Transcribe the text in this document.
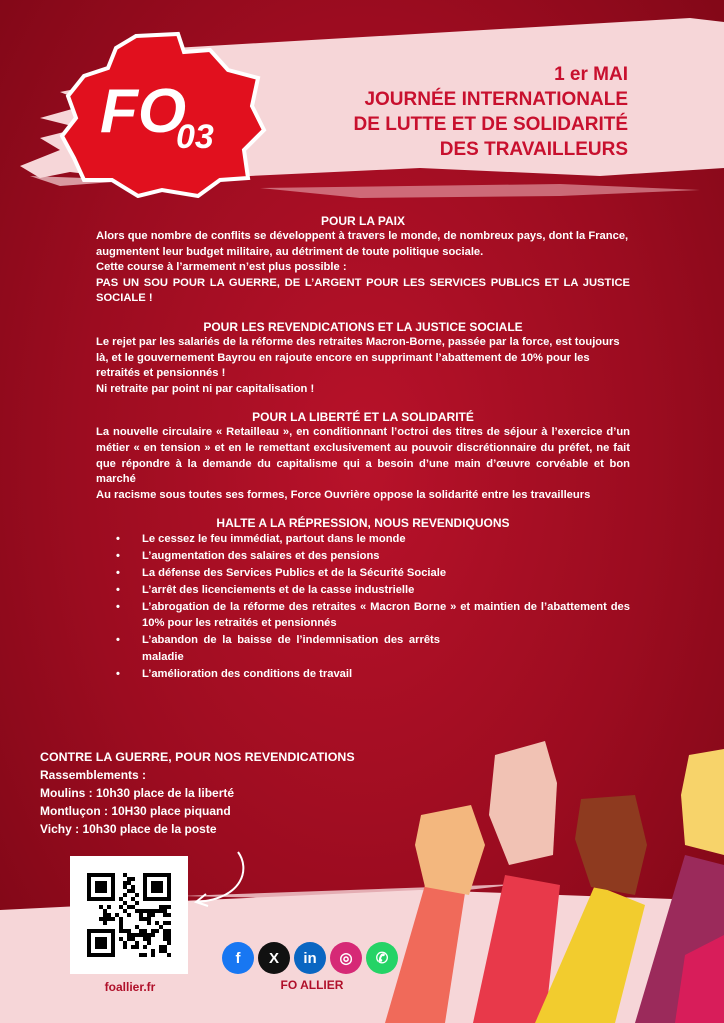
FO
03
1 er MAI
JOURNÉE INTERNATIONALE
DE LUTTE ET DE SOLIDARITÉ
DES TRAVAILLEURS
POUR LA PAIX

Alors que nombre de conflits se développent à travers le monde, de nombreux pays, dont la France, augmentent leur budget militaire, au détriment de toute politique sociale.

Cette course à l’armement n’est plus possible :

PAS UN SOU POUR LA GUERRE, DE L’ARGENT POUR LES SERVICES PUBLICS ET LA JUSTICE SOCIALE !

POUR LES REVENDICATIONS ET LA JUSTICE SOCIALE

Le rejet par les salariés de la réforme des retraites Macron-Borne, passée par la force, est toujours là, et le gouvernement Bayrou en rajoute encore en supprimant l’abattement de 10% pour les retraités et pensionnés !

Ni retraite par point ni par capitalisation !

POUR LA LIBERTÉ ET LA SOLIDARITÉ

La nouvelle circulaire « Retailleau », en conditionnant l’octroi des titres de séjour à l’exercice d’un métier « en tension » et en le remettant exclusivement au pouvoir discrétionnaire du préfet, ne fait que répondre à la demande du capitalisme qui a besoin d’une main d’œuvre corvéable et bon marché

Au racisme sous toutes ses formes, Force Ouvrière oppose la solidarité entre les travailleurs

HALTE A LA RÉPRESSION, NOUS REVENDIQUONS
• Le cessez le feu immédiat, partout dans le monde
• L’augmentation des salaires et des pensions
• La défense des Services Publics et de la Sécurité Sociale
• L’arrêt des licenciements et de la casse industrielle
• L’abrogation de la réforme des retraites « Macron Borne » et maintien de l’abattement des 10% pour les retraités et pensionnés
• L’abandon de la baisse de l’indemnisation des arrêts maladie
• L’amélioration des conditions de travail
CONTRE LA GUERRE, POUR NOS REVENDICATIONS
Rassemblements :
Moulins : 10h30 place de la liberté
Montluçon : 10H30 place piquand
Vichy : 10h30 place de la poste
foallier.fr
f	X	in	◎	✆
FO ALLIER
